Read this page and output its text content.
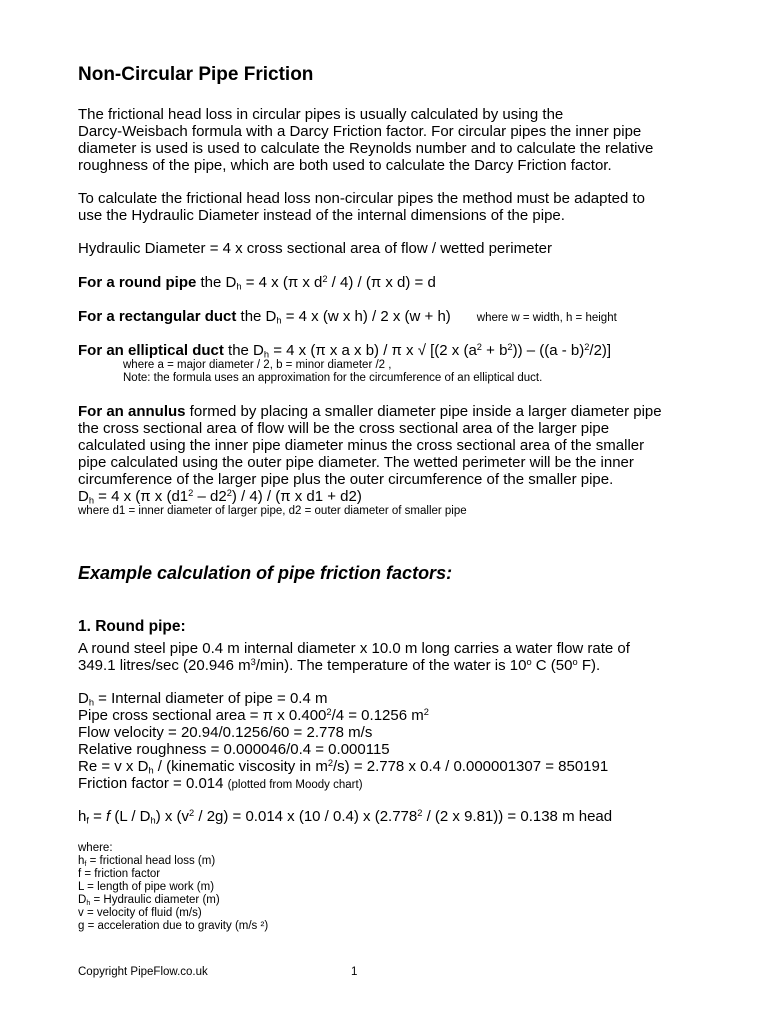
Non-Circular Pipe Friction
The frictional head loss in circular pipes is usually calculated by using the
Darcy-Weisbach formula with a Darcy Friction factor. For circular pipes the inner pipe
diameter is used is used to calculate the Reynolds number and to calculate the relative
roughness of the pipe, which are both used to calculate the Darcy Friction factor.
To calculate the frictional head loss non-circular pipes the method must be adapted to
use the Hydraulic Diameter instead of the internal dimensions of the pipe.
Hydraulic Diameter = 4 x cross sectional area of flow / wetted perimeter
For a round pipe the $D_h = 4$ x (π x $d^2 / 4) / (\pi$ x d) = d
For a rectangular duct the $D_h = 4$ x (w x h) / 2 x (w + h) where w = width, h = height
For an elliptical duct the $D_h = 4$ x (π x a x b) / π x √ [(2 x $(a^2 + b^2)) - ((a - b)^2/2)$]
where a = major diameter / 2, b = minor diameter /2 ,
Note: the formula uses an approximation for the circumference of an elliptical duct.
For an annulus formed by placing a smaller diameter pipe inside a larger diameter pipe
the cross sectional area of flow will be the cross sectional area of the larger pipe
calculated using the inner pipe diameter minus the cross sectional area of the smaller
pipe calculated using the outer pipe diameter. The wetted perimeter will be the inner
circumference of the larger pipe plus the outer circumference of the smaller pipe.
$D_h = 4$ x (π x $(d1^2 - d2^2) / 4) / (\pi$ x d1 + d2)
where d1 = inner diameter of larger pipe, d2 = outer diameter of smaller pipe
Example calculation of pipe friction factors:
1. Round pipe:
A round steel pipe 0.4 m internal diameter x 10.0 m long carries a water flow rate of
349.1 litres/sec (20.946 $m^3/\min$). The temperature of the water is 10$^o$ C (50$^o$ F).
$D_h$ = Internal diameter of pipe = 0.4 m
Pipe cross sectional area = π x $0.400^2/4 = 0.1256$ $m^2$
Flow velocity = 20.94/0.1256/60 = 2.778 m/s
Relative roughness = 0.000046/0.4 = 0.000115
Re = v x $D_h$ / (kinematic viscosity in $m^2/s) = 2.778$ x 0.4 / 0.000001307 = 850191
Friction factor = 0.014 (plotted from Moody chart)
$h_f = f$ $(L / D_h)$ x $(v^2 / 2g) = 0.014$ x (10 / 0.4) x (2.778$^2$ / (2 x 9.81)) = 0.138 m head
where:
$h_f$ = frictional head loss (m)
f = friction factor
L = length of pipe work (m)
$D_h$ = Hydraulic diameter (m)
v = velocity of fluid (m/s)
g = acceleration due to gravity (m/s ²)
Copyright PipeFlow.co.uk	1
